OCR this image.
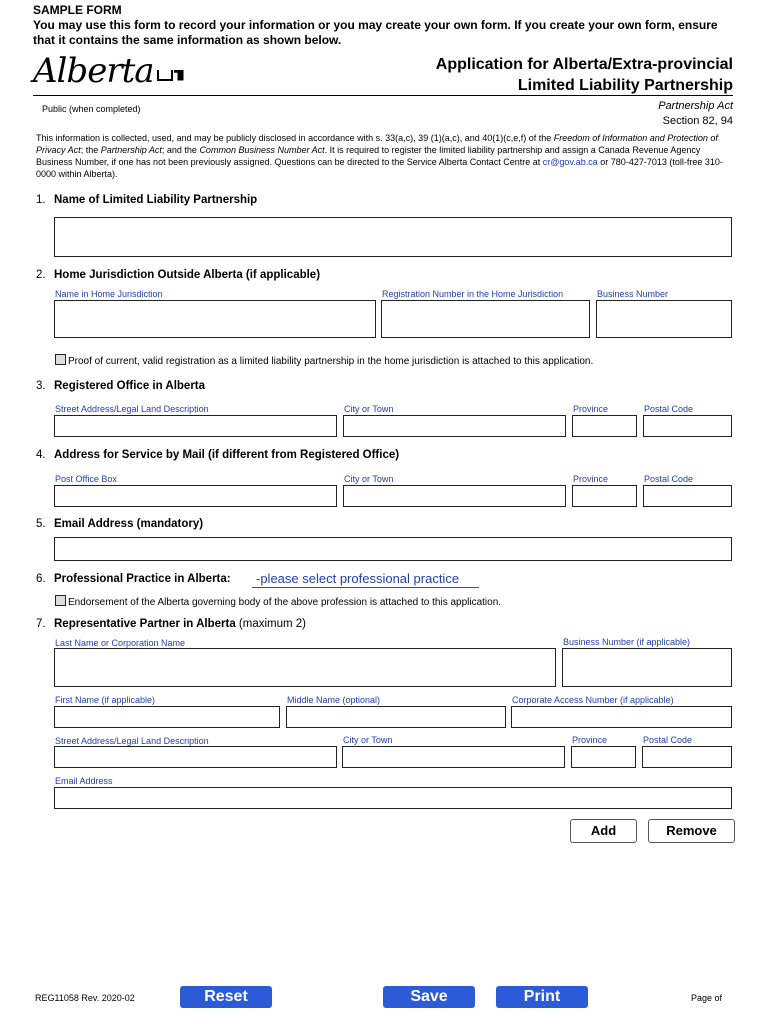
SAMPLE FORM
You may use this form to record your information or you may create your own form. If you create your own form, ensure that it contains the same information as shown below.
Alberta	Application for Alberta/Extra-provincial
Limited Liability Partnership
Public (when completed)	Partnership Act
Section 82, 94
This information is collected, used, and may be publicly disclosed in accordance with s. 33(a,c), 39 (1)(a,c), and 40(1)(c,e,f) of the Freedom of Information and Protection of Privacy Act; the Partnership Act; and the Common Business Number Act. It is required to register the limited liability partnership and assign a Canada Revenue Agency Business Number, if one has not been previously assigned. Questions can be directed to the Service Alberta Contact Centre at cr@gov.ab.ca or 780-427-7013 (toll-free 310-0000 within Alberta).
1. Name of Limited Liability Partnership
2. Home Jurisdiction Outside Alberta (if applicable)
Name in Home Jurisdiction	Registration Number in the Home Jurisdiction	Business Number
Proof of current, valid registration as a limited liability partnership in the home jurisdiction is attached to this application.
3. Registered Office in Alberta
Street Address/Legal Land Description	City or Town	Province	Postal Code
4. Address for Service by Mail (if different from Registered Office)
Post Office Box	City or Town	Province	Postal Code
5. Email Address (mandatory)
6. Professional Practice in Alberta:	-please select professional practice
Endorsement of the Alberta governing body of the above profession is attached to this application.
7. Representative Partner in Alberta (maximum 2)
Last Name or Corporation Name	Business Number (if applicable)
First Name (if applicable)	Middle Name (optional)	Corporate Access Number (if applicable)
Street Address/Legal Land Description	City or Town	Province	Postal Code
Email Address
Add	Remove
REG11058 Rev. 2020-02	Reset	Save	Print	Page of
